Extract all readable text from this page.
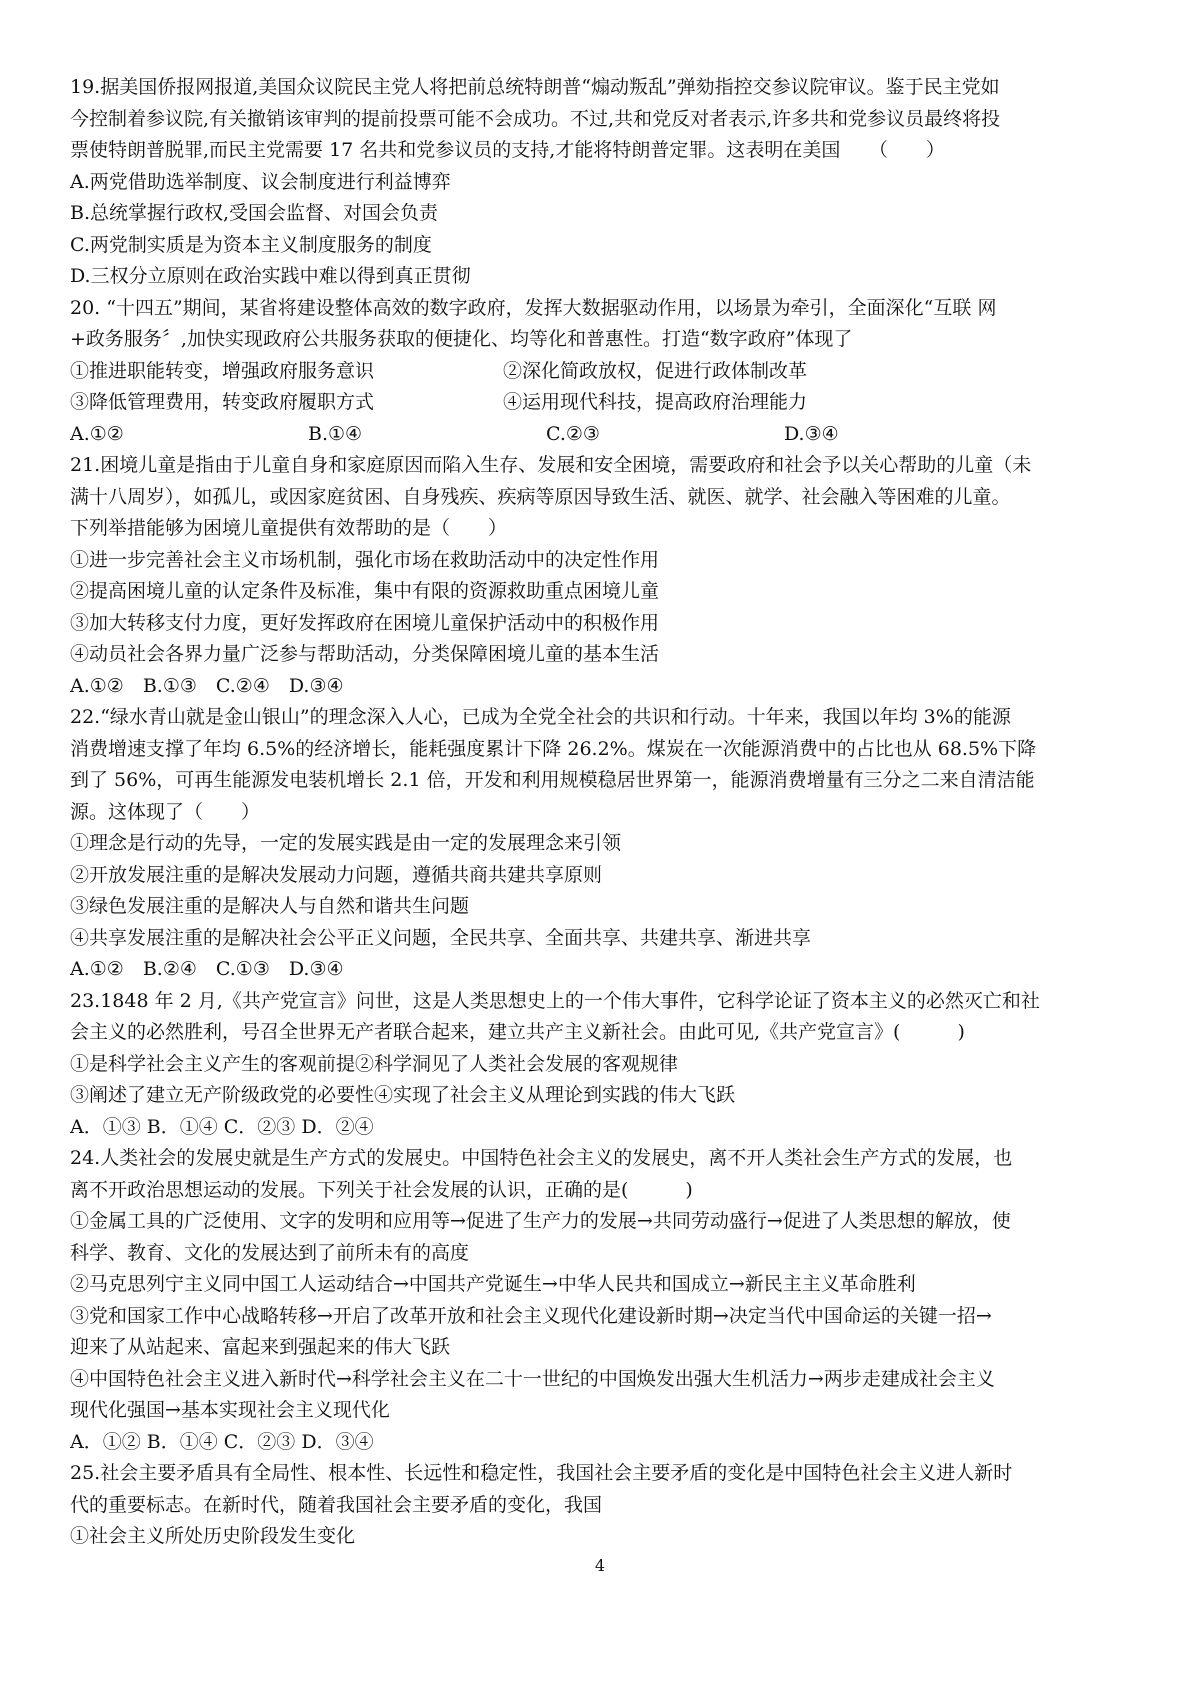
19.据美国侨报网报道,美国众议院民主党人将把前总统特朗普“煽动叛乱”弹劾指控交参议院审议。鉴于民主党如
今控制着参议院,有关撤销该审判的提前投票可能不会成功。不过,共和党反对者表示,许多共和党参议员最终将投
票使特朗普脱罪,而民主党需要 17 名共和党参议员的支持,才能将特朗普定罪。这表明在美国　　（　　）
A.两党借助选举制度、议会制度进行利益博弈
B.总统掌握行政权,受国会监督、对国会负责
C.两党制实质是为资本主义制度服务的制度
D.三权分立原则在政治实践中难以得到真正贯彻
20. “十四五”期间，某省将建设整体高效的数字政府，发挥大数据驱动作用，以场景为牵引，全面深化“互联 网
+政务服务〞,加快实现政府公共服务获取的便捷化、均等化和普惠性。打造“数字政府”体现了
①推进职能转变，增强政府服务意识	②深化简政放权，促进行政体制改革
③降低管理费用，转变政府履职方式	④运用现代科技，提高政府治理能力
A.①②	B.①④	C.②③	D.③④
21.困境儿童是指由于儿童自身和家庭原因而陷入生存、发展和安全困境，需要政府和社会予以关心帮助的儿童（未
满十八周岁），如孤儿，或因家庭贫困、自身残疾、疾病等原因导致生活、就医、就学、社会融入等困难的儿童。
下列举措能够为困境儿童提供有效帮助的是（　　）
①进一步完善社会主义市场机制，强化市场在救助活动中的决定性作用
②提高困境儿童的认定条件及标准，集中有限的资源救助重点困境儿童
③加大转移支付力度，更好发挥政府在困境儿童保护活动中的积极作用
④动员社会各界力量广泛参与帮助活动，分类保障困境儿童的基本生活
A.①②　B.①③　C.②④　D.③④
22.“绿水青山就是金山银山”的理念深入人心，已成为全党全社会的共识和行动。十年来，我国以年均 3%的能源
消费增速支撑了年均 6.5%的经济增长，能耗强度累计下降 26.2%。煤炭在一次能源消费中的占比也从 68.5%下降
到了 56%，可再生能源发电装机增长 2.1 倍，开发和利用规模稳居世界第一，能源消费增量有三分之二来自清洁能
源。这体现了（　　）
①理念是行动的先导，一定的发展实践是由一定的发展理念来引领
②开放发展注重的是解决发展动力问题，遵循共商共建共享原则
③绿色发展注重的是解决人与自然和谐共生问题
④共享发展注重的是解决社会公平正义问题，全民共享、全面共享、共建共享、渐进共享
A.①②　B.②④　C.①③　D.③④
23.1848 年 2 月,《共产党宣言》问世，这是人类思想史上的一个伟大事件，它科学论证了资本主义的必然灭亡和社
会主义的必然胜利，号召全世界无产者联合起来，建立共产主义新社会。由此可见,《共产党宣言》(　　　)
①是科学社会主义产生的客观前提②科学洞见了人类社会发展的客观规律
③阐述了建立无产阶级政党的必要性④实现了社会主义从理论到实践的伟大飞跃
A．①③ B．①④ C．②③ D．②④
24.人类社会的发展史就是生产方式的发展史。中国特色社会主义的发展史，离不开人类社会生产方式的发展，也
离不开政治思想运动的发展。下列关于社会发展的认识，正确的是(　　　)
①金属工具的广泛使用、文字的发明和应用等→促进了生产力的发展→共同劳动盛行→促进了人类思想的解放，使
科学、教育、文化的发展达到了前所未有的高度
②马克思列宁主义同中国工人运动结合→中国共产党诞生→中华人民共和国成立→新民主主义革命胜利
③党和国家工作中心战略转移→开启了改革开放和社会主义现代化建设新时期→决定当代中国命运的关键一招→
迎来了从站起来、富起来到强起来的伟大飞跃
④中国特色社会主义进入新时代→科学社会主义在二十一世纪的中国焕发出强大生机活力→两步走建成社会主义
现代化强国→基本实现社会主义现代化
A．①② B．①④ C．②③ D．③④
25.社会主要矛盾具有全局性、根本性、长远性和稳定性，我国社会主要矛盾的变化是中国特色社会主义进人新时
代的重要标志。在新时代，随着我国社会主要矛盾的变化，我国
①社会主义所处历史阶段发生变化
4
